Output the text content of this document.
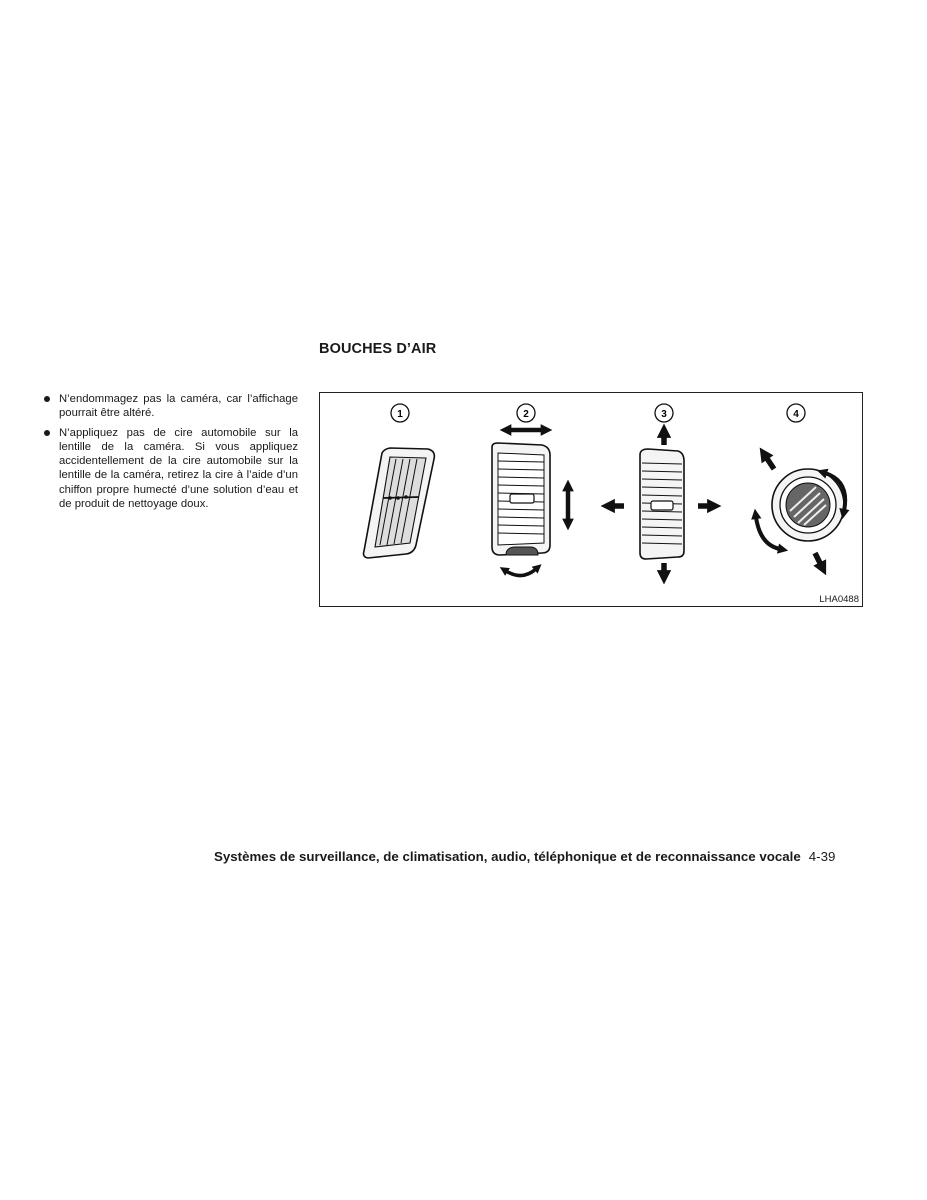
BOUCHES D’AIR
N’endommagez pas la caméra, car l’affichage pourrait être altéré.
N’appliquez pas de cire automobile sur la lentille de la caméra. Si vous appliquez accidentellement de la cire automobile sur la lentille de la caméra, retirez la cire à l’aide d’un chiffon propre humecté d’une solution d’eau et de produit de nettoyage doux.
1	2	3	4
LHA0488
Systèmes de surveillance, de climatisation, audio, téléphonique et de reconnaissance vocale 4-39
